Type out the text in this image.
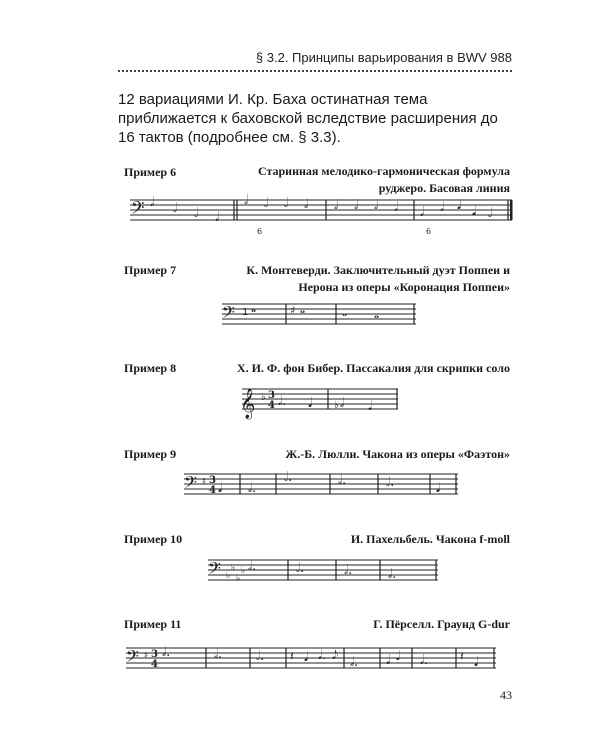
§ 3.2. Принципы варьирования в BWV 988

12 вариациями И. Кр. Баха остинатная тема приближается к баховской вследствие расширения до 16 тактов (подробнее см. § 3.3).

Пример 6	Старинная мелодико-гармоническая формула руджеро. Басовая линия
𝄢 𝅗𝅥 𝅗𝅥 𝅗𝅥 𝅗𝅥
𝅗𝅥 𝅗𝅥 𝅗𝅥 𝅗𝅥
6
𝅗𝅥 𝅗𝅥 𝅗𝅥 𝅗𝅥 𝅗𝅥 𝅗𝅥 𝅘𝅥 𝅘𝅥 𝅗𝅥
6
Пример 7	К. Монтеверди. Заключительный дуэт Поппеи и Нерона из оперы «Коронация Поппеи»
𝄢 1 𝅝	♯ 𝅝	𝅝 𝅝
Пример 8	Х. И. Ф. фон Бибер. Пассакалия для скрипки соло
𝄞 ♭ 3
4 𝅗𝅥. 𝅘𝅥 ♭ 𝅗𝅥 𝅘𝅥
Пример 9	Ж.-Б. Люлли. Чакона из оперы «Фаэтон»
𝄢 ♯ 3
4 𝅘𝅥 𝅗𝅥.
𝅗𝅥.	𝅗𝅥.	𝅗𝅥.	𝅘𝅥
Пример 10	И. Пахельбель. Чакона f-moll
𝄢 ♭
♭
♭
♭ 𝅗𝅥.	𝅗𝅥.	𝅗𝅥.	𝅗𝅥.
Пример 11	Г. Пёрселл. Граунд G-dur
𝄢 ♯ 3
4
𝅗𝅥.	𝅗𝅥.	𝅗𝅥. 𝄽 𝅘𝅥 𝅘𝅥. 𝅘𝅥𝅮 𝅗𝅥. 𝅘𝅥 𝅘𝅥 𝅗𝅥.	𝄽 𝅘𝅥
43
